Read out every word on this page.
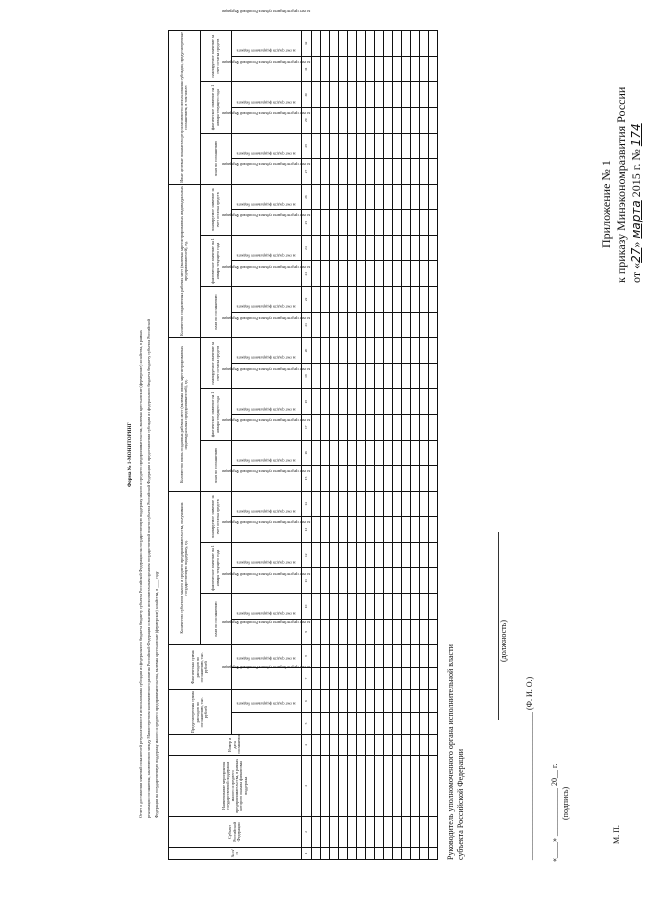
Приложение № 1 к приказу Минэкономразвития России от «27» марта 2015 г. № 174
Форма № 1-МОНИТОРИНГ Отчет о достижении значений показателей результативности использования субсидии из федерального бюджета бюджету субъекта Российской Федерации на государственную поддержку малого и среднего предпринимательства, включая крестьянские (фермерские) хозяйства, в рамках реализации соглашения, заключенного между Министерством экономического развития Российской Федерации и высшим исполнительным органом государственной власти субъекта Российской Федерации о предоставлении субсидии из федерального бюджета бюджету субъекта Российской Федерации на государственную поддержку малого и среднего предпринимательства, включая крестьянские (фермерские) хозяйства, в ____ году
№ п/п	Субъект Российской Федерации	Наименование мероприятия государственной поддержки малого и среднего предпринимательства, в рамках которого оказана финансовая поддержка	Номер и дата соглашения	Предусмотренная сумма расходов по соглашению, тыс. рублей		Фактическая сумма расходов по соглашению, тыс. рублей		Количество субъектов малого и среднего предпринимательства, получивших государственную поддержку, ед.						Количество вновь созданных рабочих мест (включая вновь зарегистрированных индивидуальных предпринимателей), ед.						Количество сохраненных рабочих мест (включая зарегистрированных индивидуальных предпринимателей), ед.						Иные целевые показатели результативности использования субсидии, предусмотренные соглашением, в том числе:					
								план по соглашению		фактическое значение на 1 января текущего года		планируемое значение за счет остатка средств		план по соглашению		фактическое значение на 1 января текущего года		планируемое значение за счет остатка средств		план по соглашению		фактическое значение на 1 января текущего года		планируемое значение за счет остатка средств		план по соглашению		фактическое значение на 1 января текущего года		планируемое значение за счет остатка средств	
				за счет средств федерального бюджета	за счет средств бюджета субъекта Российской Федерации	за счет средств федерального бюджета	за счет средств бюджета субъекта Российской Федерации	за счет средств федерального бюджета	за счет средств бюджета субъекта Российской Федерации	за счет средств федерального бюджета	за счет средств бюджета субъекта Российской Федерации	за счет средств федерального бюджета	за счет средств бюджета субъекта Российской Федерации	за счет средств федерального бюджета	за счет средств бюджета субъекта Российской Федерации	за счет средств федерального бюджета	за счет средств бюджета субъекта Российской Федерации	за счет средств федерального бюджета	за счет средств бюджета субъекта Российской Федерации	за счет средств федерального бюджета	за счет средств бюджета субъекта Российской Федерации	за счет средств федерального бюджета	за счет средств бюджета субъекта Российской Федерации	за счет средств федерального бюджета	за счет средств бюджета субъекта Российской Федерации	за счет средств федерального бюджета	за счет средств бюджета субъекта Российской Федерации	за счет средств федерального бюджета	за счет средств бюджета субъекта Российской Федерации	за счет средств федерального бюджета	за счет средств бюджета субъекта Российской Федерации
1	2	3	4	5	6	7	8	9	10	11	12	13	14	15	16	17	18	19	20	21	22	23	24	25	26	27	28	29	30	31	32

Руководитель уполномоченного органа исполнительной власти субъекта Российской Федерации
(должность)
_____________________________________ (Ф. И. О.)
«____» ____________ 20__ г. (подпись)
М. П.
